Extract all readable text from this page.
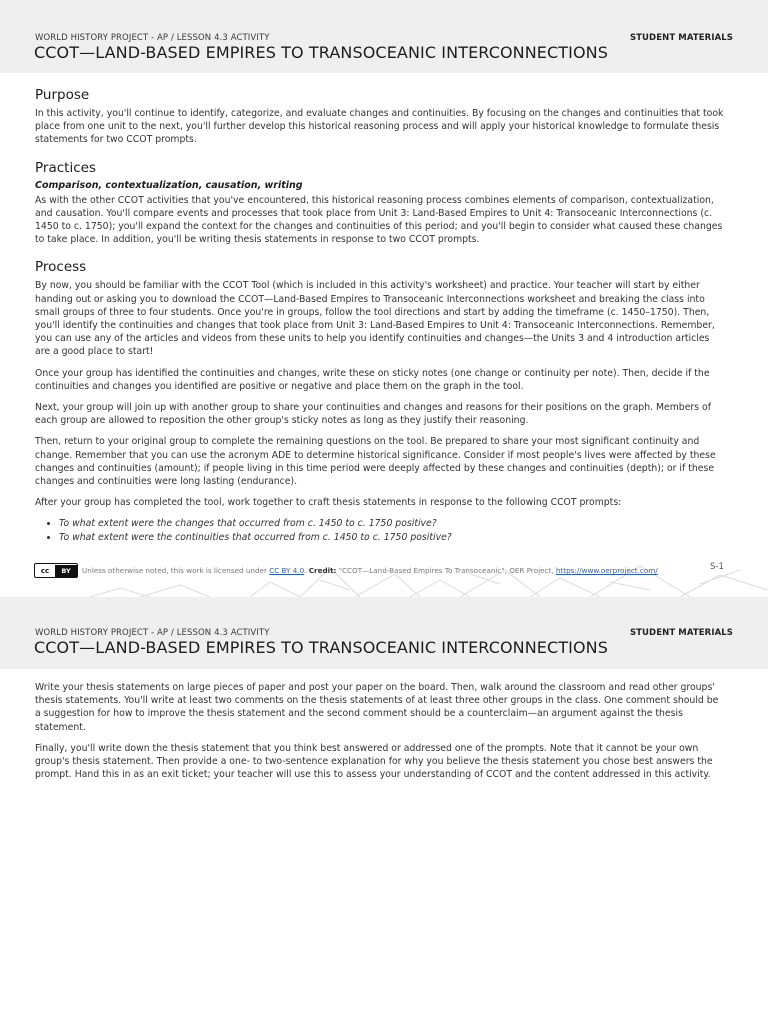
WORLD HISTORY PROJECT - AP / LESSON 4.3 ACTIVITY	STUDENT MATERIALS
CCOT—LAND-BASED EMPIRES TO TRANSOCEANIC INTERCONNECTIONS
Purpose

In this activity, you'll continue to identify, categorize, and evaluate changes and continuities. By focusing on the changes and continuities that took place from one unit to the next, you'll further develop this historical reasoning process and will apply your historical knowledge to formulate thesis statements for two CCOT prompts.

Practices
Comparison, contextualization, causation, writing

As with the other CCOT activities that you've encountered, this historical reasoning process combines elements of comparison, contextualization, and causation. You'll compare events and processes that took place from Unit 3: Land-Based Empires to Unit 4: Transoceanic Interconnections (c. 1450 to c. 1750); you'll expand the context for the changes and continuities of this period; and you'll begin to consider what caused these changes to take place. In addition, you'll be writing thesis statements in response to two CCOT prompts.

Process

By now, you should be familiar with the CCOT Tool (which is included in this activity's worksheet) and practice. Your teacher will start by either handing out or asking you to download the CCOT—Land-Based Empires to Transoceanic Interconnections worksheet and breaking the class into small groups of three to four students. Once you're in groups, follow the tool directions and start by adding the timeframe (c. 1450–1750). Then, you'll identify the continuities and changes that took place from Unit 3: Land-Based Empires to Unit 4: Transoceanic Interconnections. Remember, you can use any of the articles and videos from these units to help you identify continuities and changes—the Units 3 and 4 introduction articles are a good place to start!

Once your group has identified the continuities and changes, write these on sticky notes (one change or continuity per note). Then, decide if the continuities and changes you identified are positive or negative and place them on the graph in the tool.

Next, your group will join up with another group to share your continuities and changes and reasons for their positions on the graph. Members of each group are allowed to reposition the other group's sticky notes as long as they justify their reasoning.

Then, return to your original group to complete the remaining questions on the tool. Be prepared to share your most significant continuity and change. Remember that you can use the acronym ADE to determine historical significance. Consider if most people's lives were affected by these changes and continuities (amount); if people living in this time period were deeply affected by these changes and continuities (depth); or if these changes and continuities were long lasting (endurance).

After your group has completed the tool, work together to craft thesis statements in response to the following CCOT prompts:

• To what extent were the changes that occurred from c. 1450 to c. 1750 positive?
• To what extent were the continuities that occurred from c. 1450 to c. 1750 positive?
cc	BY	Unless otherwise noted, this work is licensed under CC BY 4.0. Credit: "CCOT—Land-Based Empires To Transoceanic", OER Project, https://www.oerproject.com/	S-1
WORLD HISTORY PROJECT - AP / LESSON 4.3 ACTIVITY	STUDENT MATERIALS
CCOT—LAND-BASED EMPIRES TO TRANSOCEANIC INTERCONNECTIONS

Write your thesis statements on large pieces of paper and post your paper on the board. Then, walk around the classroom and read other groups' thesis statements. You'll write at least two comments on the thesis statements of at least three other groups in the class. One comment should be a suggestion for how to improve the thesis statement and the second comment should be a counterclaim—an argument against the thesis statement.

Finally, you'll write down the thesis statement that you think best answered or addressed one of the prompts. Note that it cannot be your own group's thesis statement. Then provide a one- to two-sentence explanation for why you believe the thesis statement you chose best answers the prompt. Hand this in as an exit ticket; your teacher will use this to assess your understanding of CCOT and the content addressed in this activity.
